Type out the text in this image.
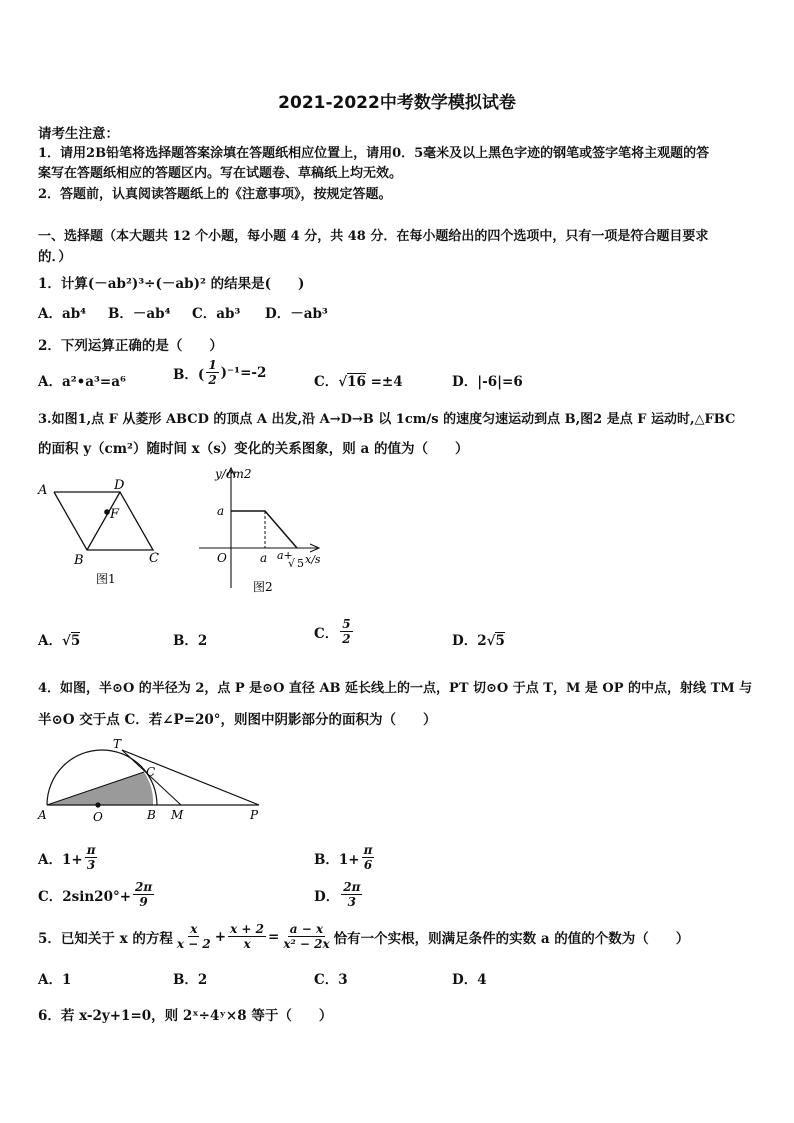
2021-2022中考数学模拟试卷
请考生注意：
1．请用2B铅笔将选择题答案涂填在答题纸相应位置上，请用0．5毫米及以上黑色字迹的钢笔或签字笔将主观题的答
案写在答题纸相应的答题区内。写在试题卷、草稿纸上均无效。
2．答题前，认真阅读答题纸上的《注意事项》，按规定答题。
一、选择题（本大题共 12 个小题，每小题 4 分，共 48 分．在每小题给出的四个选项中，只有一项是符合题目要求
的．）
1．计算(－ab²)³÷(－ab)² 的结果是(　　)
A．ab⁴ B．－ab⁴ C．ab³ D．－ab³
2．下列运算正确的是（　　）
A．a²•a³=a⁶	B．( $\frac{1}{2} )^{-1}=-2$
C．√16 =±4	D．|-6|=6
3.如图1,点 F 从菱形 ABCD 的顶点 A 出发,沿 A→D→B 以 1cm/s 的速度匀速运动到点 B,图2 是点 F 运动时,△FBC
的面积 y（cm²）随时间 x（s）变化的关系图象，则 a 的值为（　　）
A	D
F
B	C
图1
y/cm2
a
O	a a+
√ 5 x/s
图2
A．√5	B．2	C． $\frac{5}{2}$	D．2√5
4．如图，半⊙O 的半径为 2，点 P 是⊙O 直径 AB 延长线上的一点，PT 切⊙O 于点 T，M 是 OP 的中点，射线 TM 与
半⊙O 交于点 C．若∠P=20°，则图中阴影部分的面积为（　　）
T
C
A	O	B M	P
A．$1+ \frac{\pi}{3}$	B．$1+ \frac{\pi}{6}$
C．$2\sin 20^\circ+ \frac{2\pi}{9}$	D． $\frac{2\pi}{3}$
5．已知关于 x 的方程 $\frac{x}{x - 2} + \frac{x + 2}{x} = \frac{a - x}{\text{x² − 2x}}$ 恰有一个实根，则满足条件的实数 a 的值的个数为（　　）
A．1	B．2	C．3	D．4
6．若 x-2y+1=0，则 2ˣ÷4ʸ×8 等于（　　）
